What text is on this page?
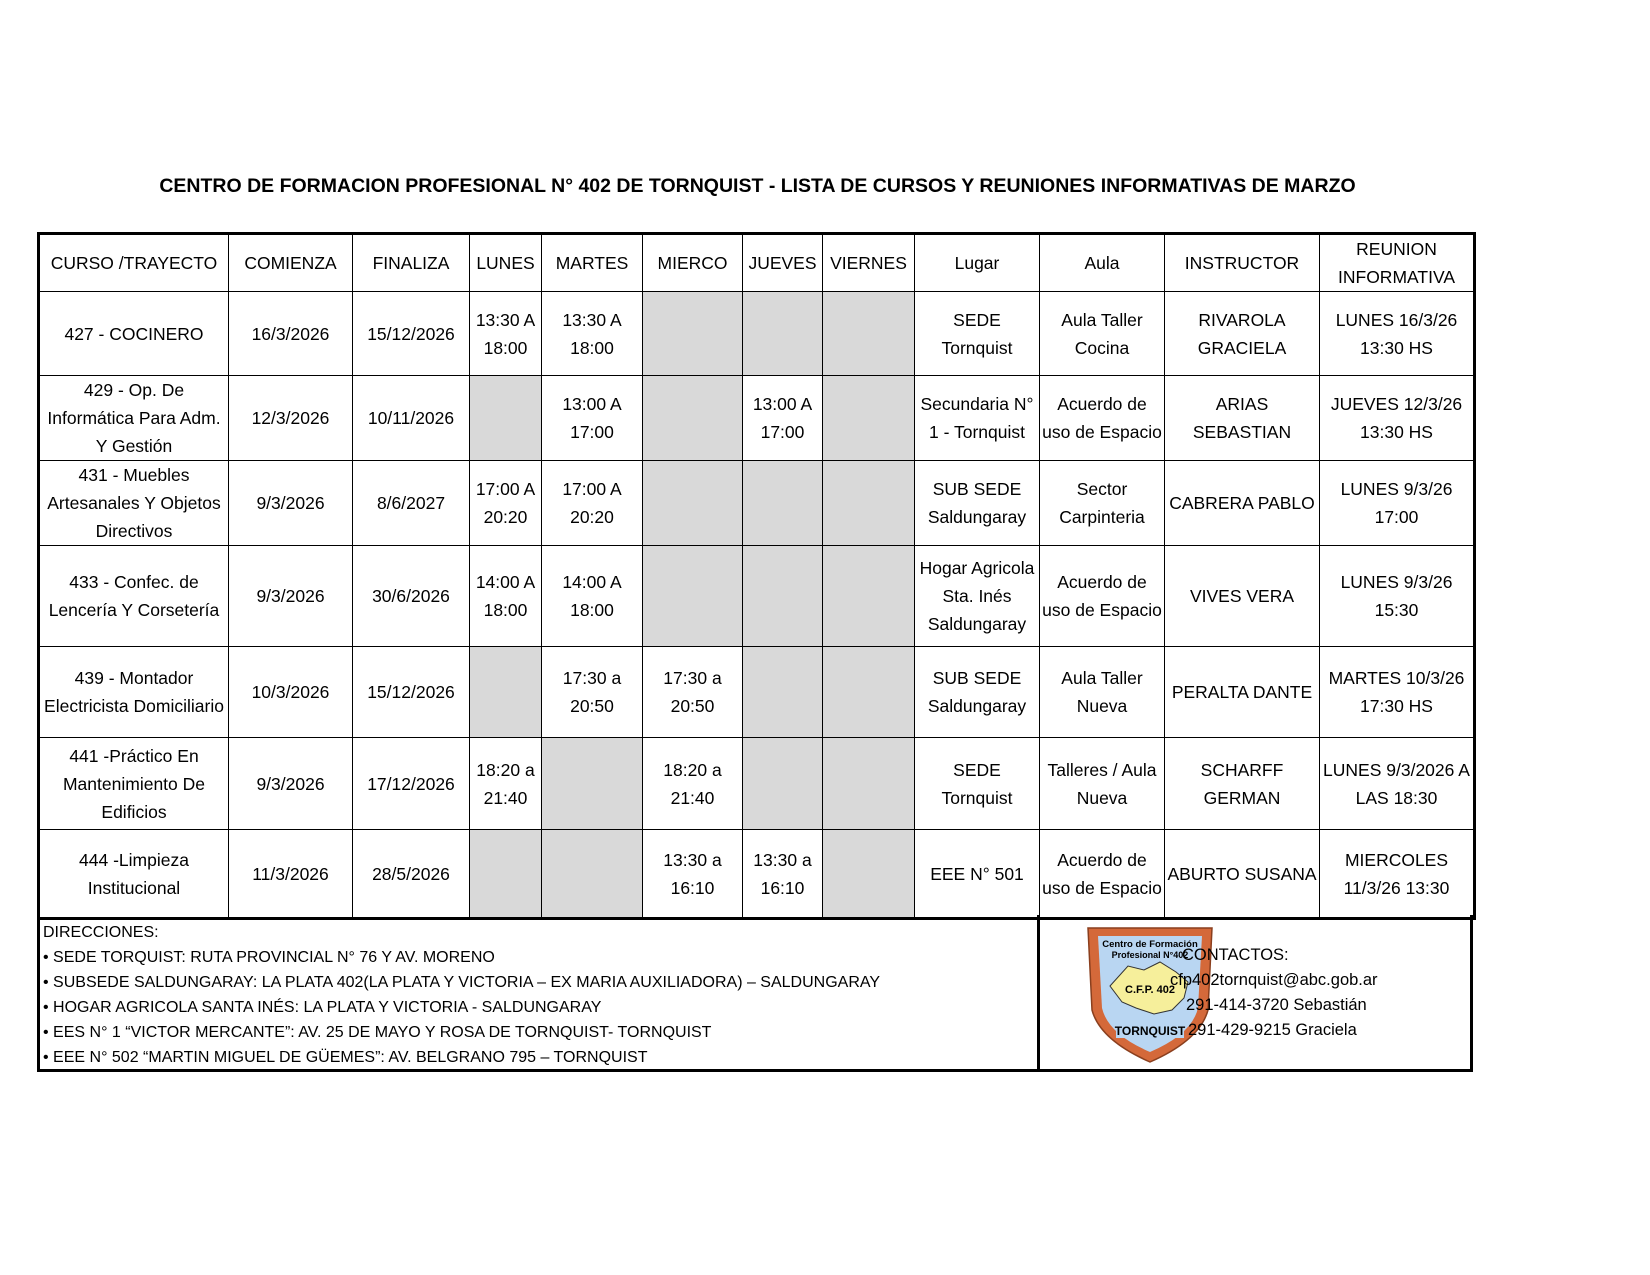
CENTRO DE FORMACION PROFESIONAL N° 402 DE TORNQUIST - LISTA DE CURSOS Y REUNIONES INFORMATIVAS DE MARZO
CURSO /TRAYECTO	COMIENZA	FINALIZA	LUNES	MARTES	MIERCO	JUEVES	VIERNES	Lugar	Aula	INSTRUCTOR	REUNION INFORMATIVA
427 - COCINERO	16/3/2026	15/12/2026	13:30 A 18:00	13:30 A 18:00				SEDE Tornquist	Aula Taller Cocina	RIVAROLA GRACIELA	LUNES 16/3/26 13:30 HS
429 - Op. De Informática Para Adm. Y Gestión	12/3/2026	10/11/2026		13:00 A 17:00		13:00 A 17:00		Secundaria N° 1 - Tornquist	Acuerdo de uso de Espacio	ARIAS SEBASTIAN	JUEVES 12/3/26 13:30 HS
431 - Muebles Artesanales Y Objetos Directivos	9/3/2026	8/6/2027	17:00 A 20:20	17:00 A 20:20				SUB SEDE Saldungaray	Sector Carpinteria	CABRERA PABLO	LUNES 9/3/26 17:00
433 - Confec. de Lencería Y Corsetería	9/3/2026	30/6/2026	14:00 A 18:00	14:00 A 18:00				Hogar Agricola Sta. Inés Saldungaray	Acuerdo de uso de Espacio	VIVES VERA	LUNES 9/3/26 15:30
439 - Montador Electricista Domiciliario	10/3/2026	15/12/2026		17:30 a 20:50	17:30 a 20:50			SUB SEDE Saldungaray	Aula Taller Nueva	PERALTA DANTE	MARTES 10/3/26 17:30 HS
441 -Práctico En Mantenimiento De Edificios	9/3/2026	17/12/2026	18:20 a 21:40		18:20 a 21:40			SEDE Tornquist	Talleres / Aula Nueva	SCHARFF GERMAN	LUNES 9/3/2026 A LAS 18:30
444 -Limpieza Institucional	11/3/2026	28/5/2026			13:30 a 16:10	13:30 a 16:10		EEE N° 501	Acuerdo de uso de Espacio	ABURTO SUSANA	MIERCOLES 11/3/26 13:30
DIRECCIONES:
• SEDE TORQUIST: RUTA PROVINCIAL N° 76 Y AV. MORENO
• SUBSEDE SALDUNGARAY: LA PLATA 402(LA PLATA Y VICTORIA – EX MARIA AUXILIADORA) – SALDUNGARAY
• HOGAR AGRICOLA SANTA INÉS: LA PLATA Y VICTORIA - SALDUNGARAY
• EES N° 1 “VICTOR MERCANTE”: AV. 25 DE MAYO Y ROSA DE TORNQUIST- TORNQUIST
• EEE N° 502 “MARTIN MIGUEL DE GÜEMES”: AV. BELGRANO 795 – TORNQUIST
Centro de Formación
Profesional N°402
C.F.P. 402
TORNQUIST
CONTACTOS:
cfp402tornquist@abc.gob.ar
291-414-3720 Sebastián
291-429-9215 Graciela
